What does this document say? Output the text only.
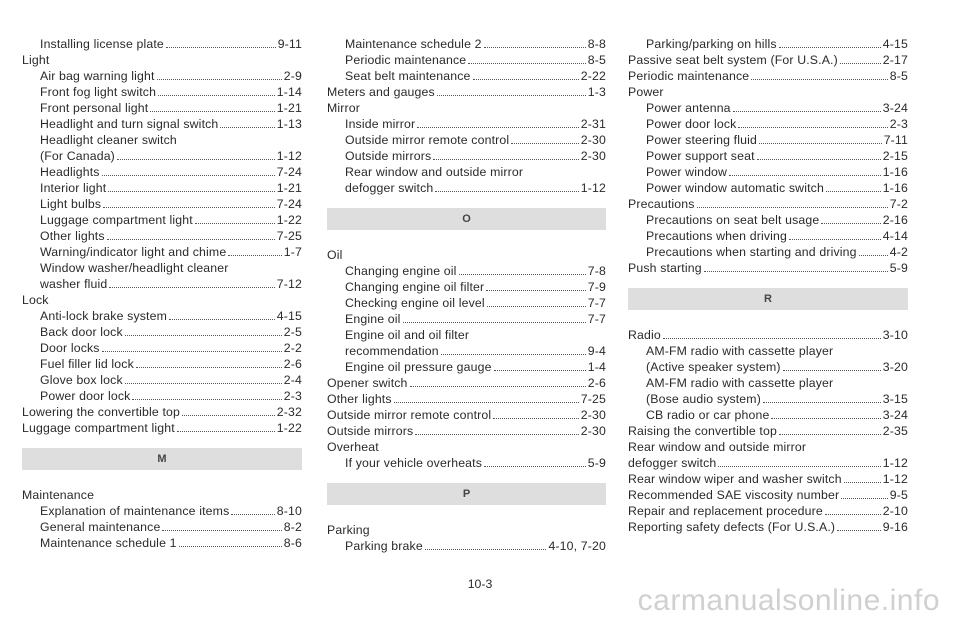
Installing license plate	9-11
Light
Air bag warning light	2-9
Front fog light switch	1-14
Front personal light	1-21
Headlight and turn signal switch	1-13
Headlight cleaner switch
(For Canada)	1-12
Headlights	7-24
Interior light	1-21
Light bulbs	7-24
Luggage compartment light	1-22
Other lights	7-25
Warning/indicator light and chime	1-7
Window washer/headlight cleaner
washer fluid	7-12
Lock
Anti-lock brake system	4-15
Back door lock	2-5
Door locks	2-2
Fuel filler lid lock	2-6
Glove box lock	2-4
Power door lock	2-3
Lowering the convertible top	2-32
Luggage compartment light	1-22
M
Maintenance
Explanation of maintenance items	8-10
General maintenance	8-2
Maintenance schedule 1	8-6
Maintenance schedule 2	8-8
Periodic maintenance	8-5
Seat belt maintenance	2-22
Meters and gauges	1-3
Mirror
Inside mirror	2-31
Outside mirror remote control	2-30
Outside mirrors	2-30
Rear window and outside mirror
defogger switch	1-12
O
Oil
Changing engine oil	7-8
Changing engine oil filter	7-9
Checking engine oil level	7-7
Engine oil	7-7
Engine oil and oil filter
recommendation	9-4
Engine oil pressure gauge	1-4
Opener switch	2-6
Other lights	7-25
Outside mirror remote control	2-30
Outside mirrors	2-30
Overheat
If your vehicle overheats	5-9
P
Parking
Parking brake	4-10, 7-20
Parking/parking on hills	4-15
Passive seat belt system (For U.S.A.)	2-17
Periodic maintenance	8-5
Power
Power antenna	3-24
Power door lock	2-3
Power steering fluid	7-11
Power support seat	2-15
Power window	1-16
Power window automatic switch	1-16
Precautions	7-2
Precautions on seat belt usage	2-16
Precautions when driving	4-14
Precautions when starting and driving	4-2
Push starting	5-9
R
Radio	3-10
AM-FM radio with cassette player
(Active speaker system)	3-20
AM-FM radio with cassette player
(Bose audio system)	3-15
CB radio or car phone	3-24
Raising the convertible top	2-35
Rear window and outside mirror
defogger switch	1-12
Rear window wiper and washer switch	1-12
Recommended SAE viscosity number	9-5
Repair and replacement procedure	2-10
Reporting safety defects (For U.S.A.)	9-16
10-3	carmanualsonline.info
